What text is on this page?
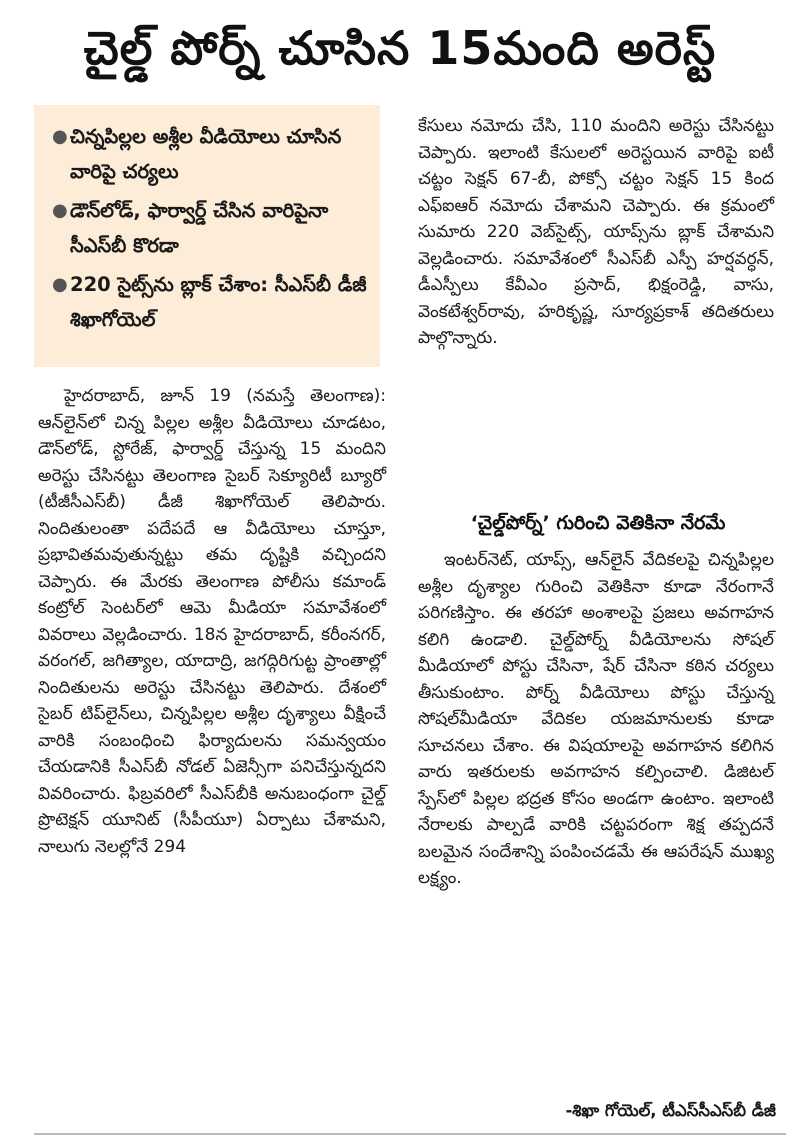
చైల్డ్‌ పోర్న్‌ చూసిన 15మంది అరెస్ట్‌
● చిన్నపిల్లల అశ్లీల వీడియోలు చూసిన వారిపై చర్యలు
● డౌన్‌లోడ్‌, ఫార్వార్డ్‌ చేసిన వారిపైనా సీఎస్‌బీ కొరడా
● 220 సైట్స్‌ను బ్లాక్‌ చేశాం: సీఎస్‌బీ డీజీ శిఖాగోయెల్‌
హైదరాబాద్‌, జూన్‌ 19 (నమస్తే తెలంగాణ): ఆన్‌లైన్‌లో చిన్న పిల్లల అశ్లీల వీడియోలు చూడటం, డౌన్‌లోడ్‌, స్టోరేజ్‌, ఫార్వార్డ్‌ చేస్తున్న 15 మందిని అరెస్టు చేసినట్టు తెలంగాణ సైబర్‌ సెక్యూరిటీ బ్యూరో (టీజీసీఎస్‌బీ) డీజీ శిఖాగోయెల్‌ తెలిపారు. నిందితులంతా పదేపదే ఆ వీడియోలు చూస్తూ, ప్రభావితమవుతున్నట్టు తమ దృష్టికి వచ్చిందని చెప్పారు. ఈ మేరకు తెలంగాణ పోలీసు కమాండ్‌ కంట్రోల్‌ సెంటర్‌లో ఆమె మీడియా సమావేశంలో వివరాలు వెల్లడించారు. 18న హైదరాబాద్‌, కరీంనగర్‌, వరంగల్‌, జగిత్యాల, యాదాద్రి, జగద్గిరిగుట్ట ప్రాంతాల్లో నిందితులను అరెస్టు చేసినట్టు తెలిపారు. దేశంలో సైబర్‌ టిప్‌లైన్‌లు, చిన్నపిల్లల అశ్లీల దృశ్యాలు వీక్షించే వారికి సంబంధించి ఫిర్యాదులను సమన్వయం చేయడానికి సీఎస్‌బీ నోడల్‌ ఏజెన్సీగా పనిచేస్తున్నదని వివరించారు. ఫిబ్రవరిలో సీఎస్‌బీకి అనుబంధంగా చైల్డ్‌ ప్రొటెక్షన్‌ యూనిట్‌ (సీపీయూ) ఏర్పాటు చేశామని, నాలుగు నెలల్లోనే 294
కేసులు నమోదు చేసి, 110 మందిని అరెస్టు చేసినట్టు చెప్పారు. ఇలాంటి కేసులలో అరెస్టయిన వారిపై ఐటీ చట్టం సెక్షన్‌ 67-బీ, పోక్సో చట్టం సెక్షన్‌ 15 కింద ఎఫ్‌ఐఆర్‌ నమోదు చేశామని చెప్పారు. ఈ క్రమంలో సుమారు 220 వెబ్‌సైట్స్‌, యాప్స్‌ను బ్లాక్‌ చేశామని వెల్లడించారు. సమావేశంలో సీఎస్‌బీ ఎస్పీ హర్షవర్ధన్‌, డీఎస్పీలు కేవీఎం ప్రసాద్‌, భిక్షంరెడ్డి, వాసు, వెంకటేశ్వర్‌రావు, హరికృష్ణ, సూర్యప్రకాశ్‌ తదితరులు పాల్గొన్నారు.
‘చైల్డ్‌పోర్న్‌’ గురించి వెతికినా నేరమే
ఇంటర్‌నెట్‌, యాప్స్‌, ఆన్‌లైన్‌ వేదికలపై చిన్నపిల్లల అశ్లీల దృశ్యాల గురించి వెతికినా కూడా నేరంగానే పరిగణిస్తాం. ఈ తరహా అంశాలపై ప్రజలు అవగాహన కలిగి ఉండాలి. చైల్డ్‌పోర్న్‌ వీడియోలను సోషల్‌ మీడియాలో పోస్టు చేసినా, షేర్‌ చేసినా కఠిన చర్యలు తీసుకుంటాం. పోర్న్‌ వీడియోలు పోస్టు చేస్తున్న సోషల్‌మీడియా వేదికల యజమానులకు కూడా సూచనలు చేశాం. ఈ విషయాలపై అవగాహన కలిగిన వారు ఇతరులకు అవగాహన కల్పించాలి. డిజిటల్‌ స్పేస్‌లో పిల్లల భద్రత కోసం అండగా ఉంటాం. ఇలాంటి నేరాలకు పాల్పడే వారికి చట్టపరంగా శిక్ష తప్పదనే బలమైన సందేశాన్ని పంపించడమే ఈ ఆపరేషన్‌ ముఖ్య లక్ష్యం.
-శిఖా గోయెల్‌, టీఎస్‌సీఎస్‌బీ డీజీ
